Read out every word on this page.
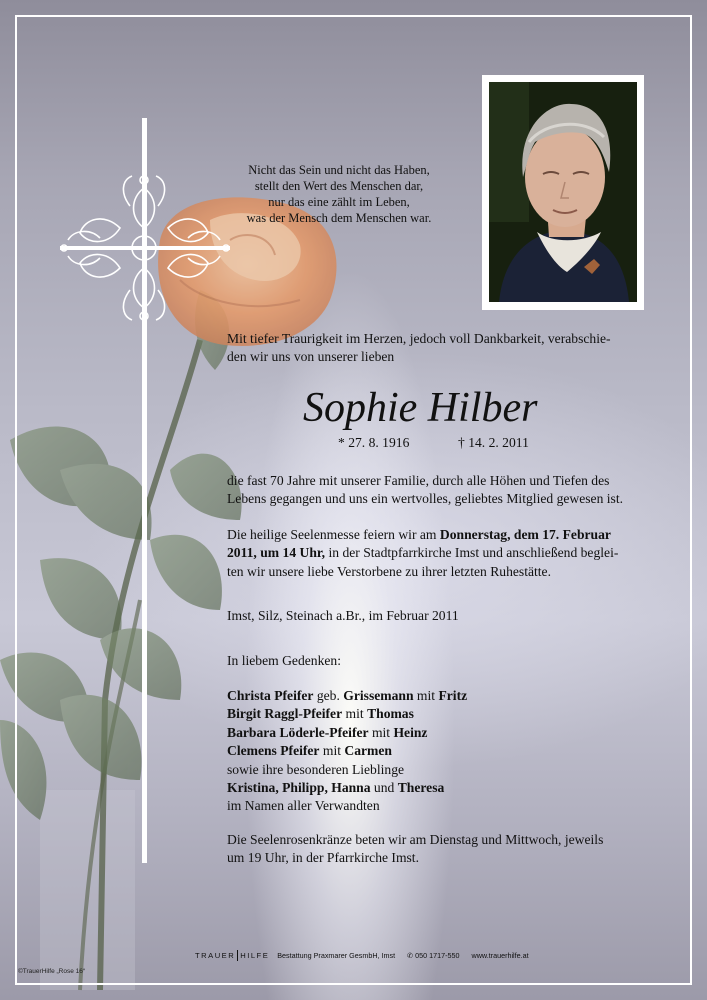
Nicht das Sein und nicht das Haben,
stellt den Wert des Menschen dar,
nur das eine zählt im Leben,
was der Mensch dem Menschen war.
Mit tiefer Traurigkeit im Herzen, jedoch voll Dankbarkeit, verabschie-
den wir uns von unserer lieben
Sophie Hilber
* 27. 8. 1916	† 14. 2. 2011
die fast 70 Jahre mit unserer Familie, durch alle Höhen und Tiefen des
Lebens gegangen und uns ein wertvolles, geliebtes Mitglied gewesen ist.
Die heilige Seelenmesse feiern wir am Donnerstag, dem 17. Februar
2011, um 14 Uhr, in der Stadtpfarrkirche Imst und anschließend beglei-
ten wir unsere liebe Verstorbene zu ihrer letzten Ruhestätte.
Imst, Silz, Steinach a.Br., im Februar 2011
In liebem Gedenken:
Christa Pfeifer geb. Grissemann mit Fritz
Birgit Raggl-Pfeifer mit Thomas
Barbara Löderle-Pfeifer mit Heinz
Clemens Pfeifer mit Carmen
sowie ihre besonderen Lieblinge
Kristina, Philipp, Hanna und Theresa
im Namen aller Verwandten
Die Seelenrosenkränze beten wir am Dienstag und Mittwoch, jeweils
um 19 Uhr, in der Pfarrkirche Imst.
TRAUER HILFE Bestattung Praxmarer GesmbH, Imst ✆ 050 1717-550 www.trauerhilfe.at
©TrauerHilfe „Rose 16“
